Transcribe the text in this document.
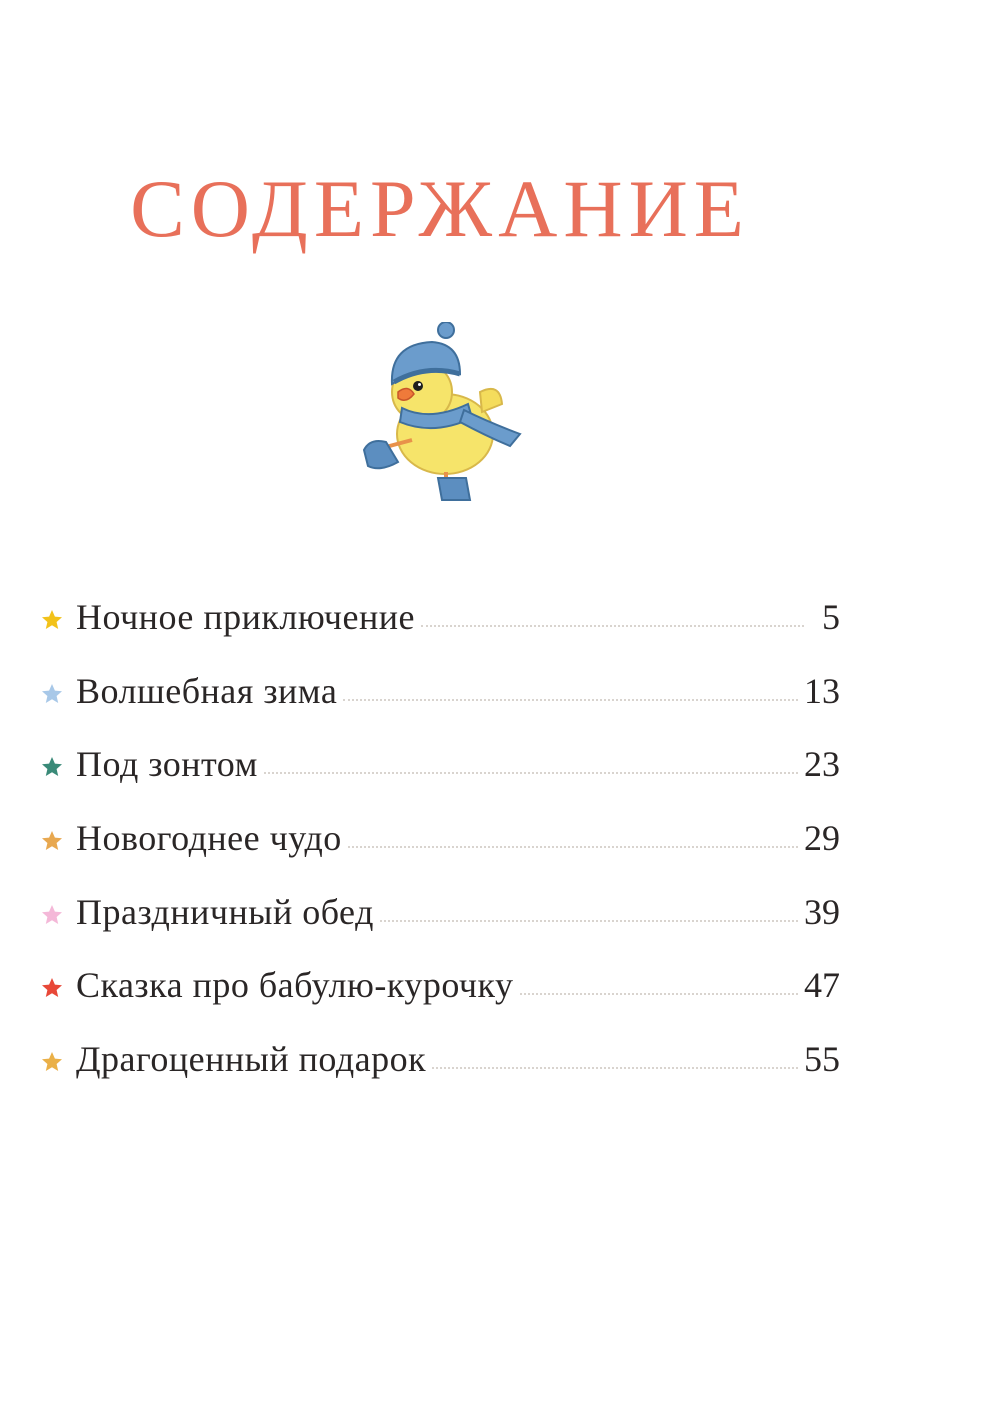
СОДЕРЖАНИЕ
Ночное приключение	5
Волшебная зима	13
Под зонтом	23
Новогоднее чудо	29
Праздничный обед	39
Сказка про бабулю-курочку	47
Драгоценный подарок	55
